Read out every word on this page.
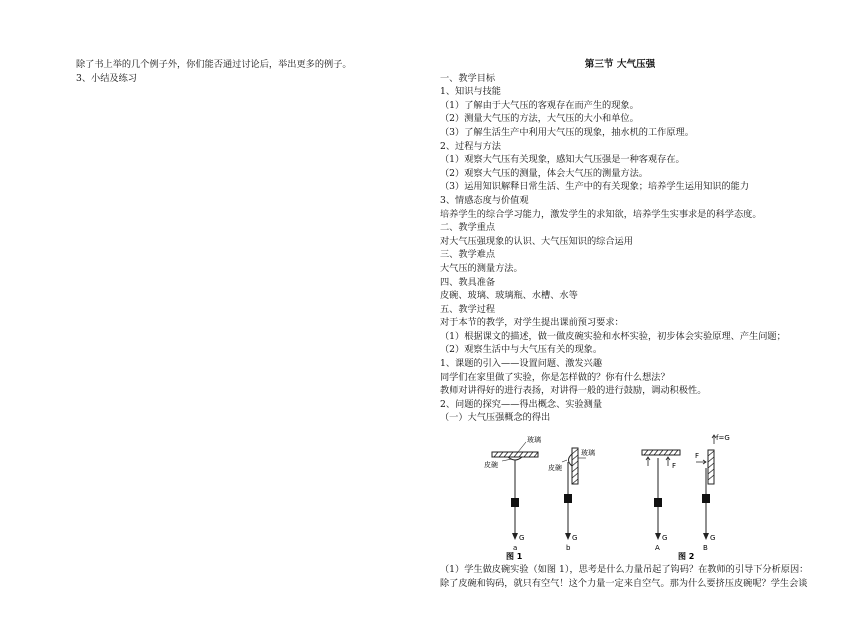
除了书上举的几个例子外，你们能否通过讨论后，举出更多的例子。
3、小结及练习
第三节 大气压强
一、教学目标
1、知识与技能
（1）了解由于大气压的客观存在而产生的现象。
（2）测量大气压的方法，大气压的大小和单位。
（3）了解生活生产中利用大气压的现象，抽水机的工作原理。
2、过程与方法
（1）观察大气压有关现象，感知大气压强是一种客观存在。
（2）观察大气压的测量，体会大气压的测量方法。
（3）运用知识解释日常生活、生产中的有关现象；培养学生运用知识的能力
3、情感态度与价值观
培养学生的综合学习能力，激发学生的求知欲，培养学生实事求是的科学态度。
二、教学重点
对大气压强现象的认识、大气压知识的综合运用
三、教学难点
大气压的测量方法。
四、教具准备
皮碗、玻璃、玻璃瓶、水槽、水等
五、教学过程
对于本节的教学，对学生提出课前预习要求：
（1）根据课文的描述，做一做皮碗实验和水杯实验，初步体会实验原理、产生问题；
（2）观察生活中与大气压有关的现象。
1、课题的引入——设置问题、激发兴趣
同学们在家里做了实验，你是怎样做的？你有什么想法？
教师对讲得好的进行表扬，对讲得一般的进行鼓励，调动积极性。
2、问题的探究——得出概念、实验测量
（一）大气压强概念的得出
玻璃
皮碗
G
a
玻璃
皮碗
G
b
图 1
F
G
A
f=G
F
G
B
图 2
（1）学生做皮碗实验（如图 1），思考是什么力量吊起了钩码？在教师的引导下分析原因：
除了皮碗和钩码，就只有空气！这个力量一定来自空气。那为什么要挤压皮碗呢？学生会谈
